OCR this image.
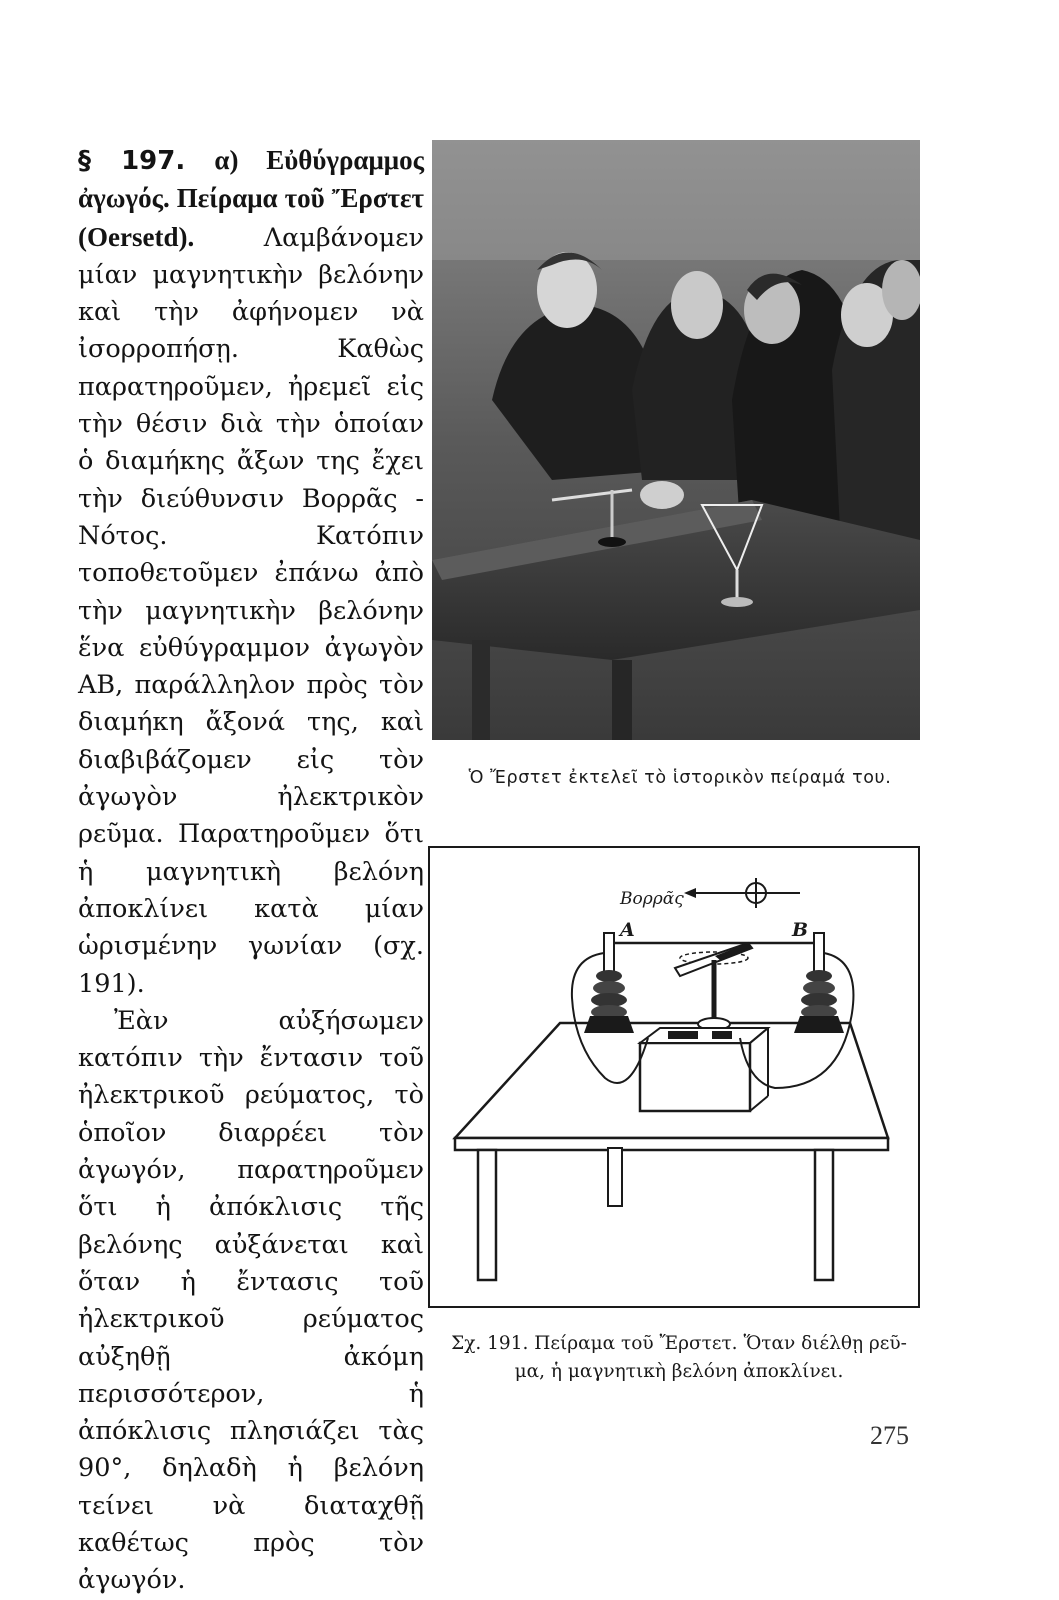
§ 197. α) Εὐθύγραμμος ἀγωγός. Πείραμα τοῦ Ἔρστετ (Oersetd).	Λαμβάνομεν μίαν μαγνητικὴν βελόνην καὶ τὴν ἀφήνομεν νὰ ἰσορροπήσῃ. Καθὼς παρατηροῦμεν, ἠρεμεῖ εἰς τὴν θέσιν διὰ τὴν ὁποίαν ὁ διαμήκης ἄξων της ἔχει τὴν διεύθυνσιν Βορρᾶς - Νότος. Κατόπιν τοποθετοῦμεν ἐπάνω ἀπὸ τὴν μαγνητικὴν βελόνην ἕνα εὐθύγραμμον ἀγωγὸν ΑΒ, παράλληλον πρὸς τὸν διαμήκη ἄξονά της, καὶ διαβιβάζομεν εἰς τὸν ἀγωγὸν ἠλεκτρικὸν ρεῦμα. Παρατηροῦμεν ὅτι ἡ μαγνητικὴ βελόνη ἀποκλίνει κατὰ μίαν ὡρισμένην γωνίαν (σχ. 191).

Ἐὰν αὐξήσωμεν κατόπιν τὴν ἔντασιν τοῦ ἠλεκτρικοῦ ρεύματος, τὸ ὁποῖον διαρρέει τὸν ἀγωγόν, παρατηροῦμεν ὅτι ἡ ἀπόκλισις τῆς βελόνης αὐξάνεται καὶ ὅταν ἡ ἔντασις τοῦ ἠλεκτρικοῦ ρεύματος αὐξηθῇ ἀκόμη περισσότερον, ἡ ἀπόκλισις πλησιάζει τὰς 90°, δηλαδὴ ἡ βελόνη τείνει νὰ διαταχθῇ καθέτως πρὸς τὸν ἀγωγόν.

Ὁ Ἔρστετ ἐκτελεῖ τὸ ἱστορικὸν πείραμά του.
Βορρᾶς
Α	Β
Σχ. 191. Πείραμα τοῦ Ἔρστετ. Ὅταν διέλθῃ ρεῦ-
μα, ἡ μαγνητικὴ βελόνη ἀποκλίνει.
275
